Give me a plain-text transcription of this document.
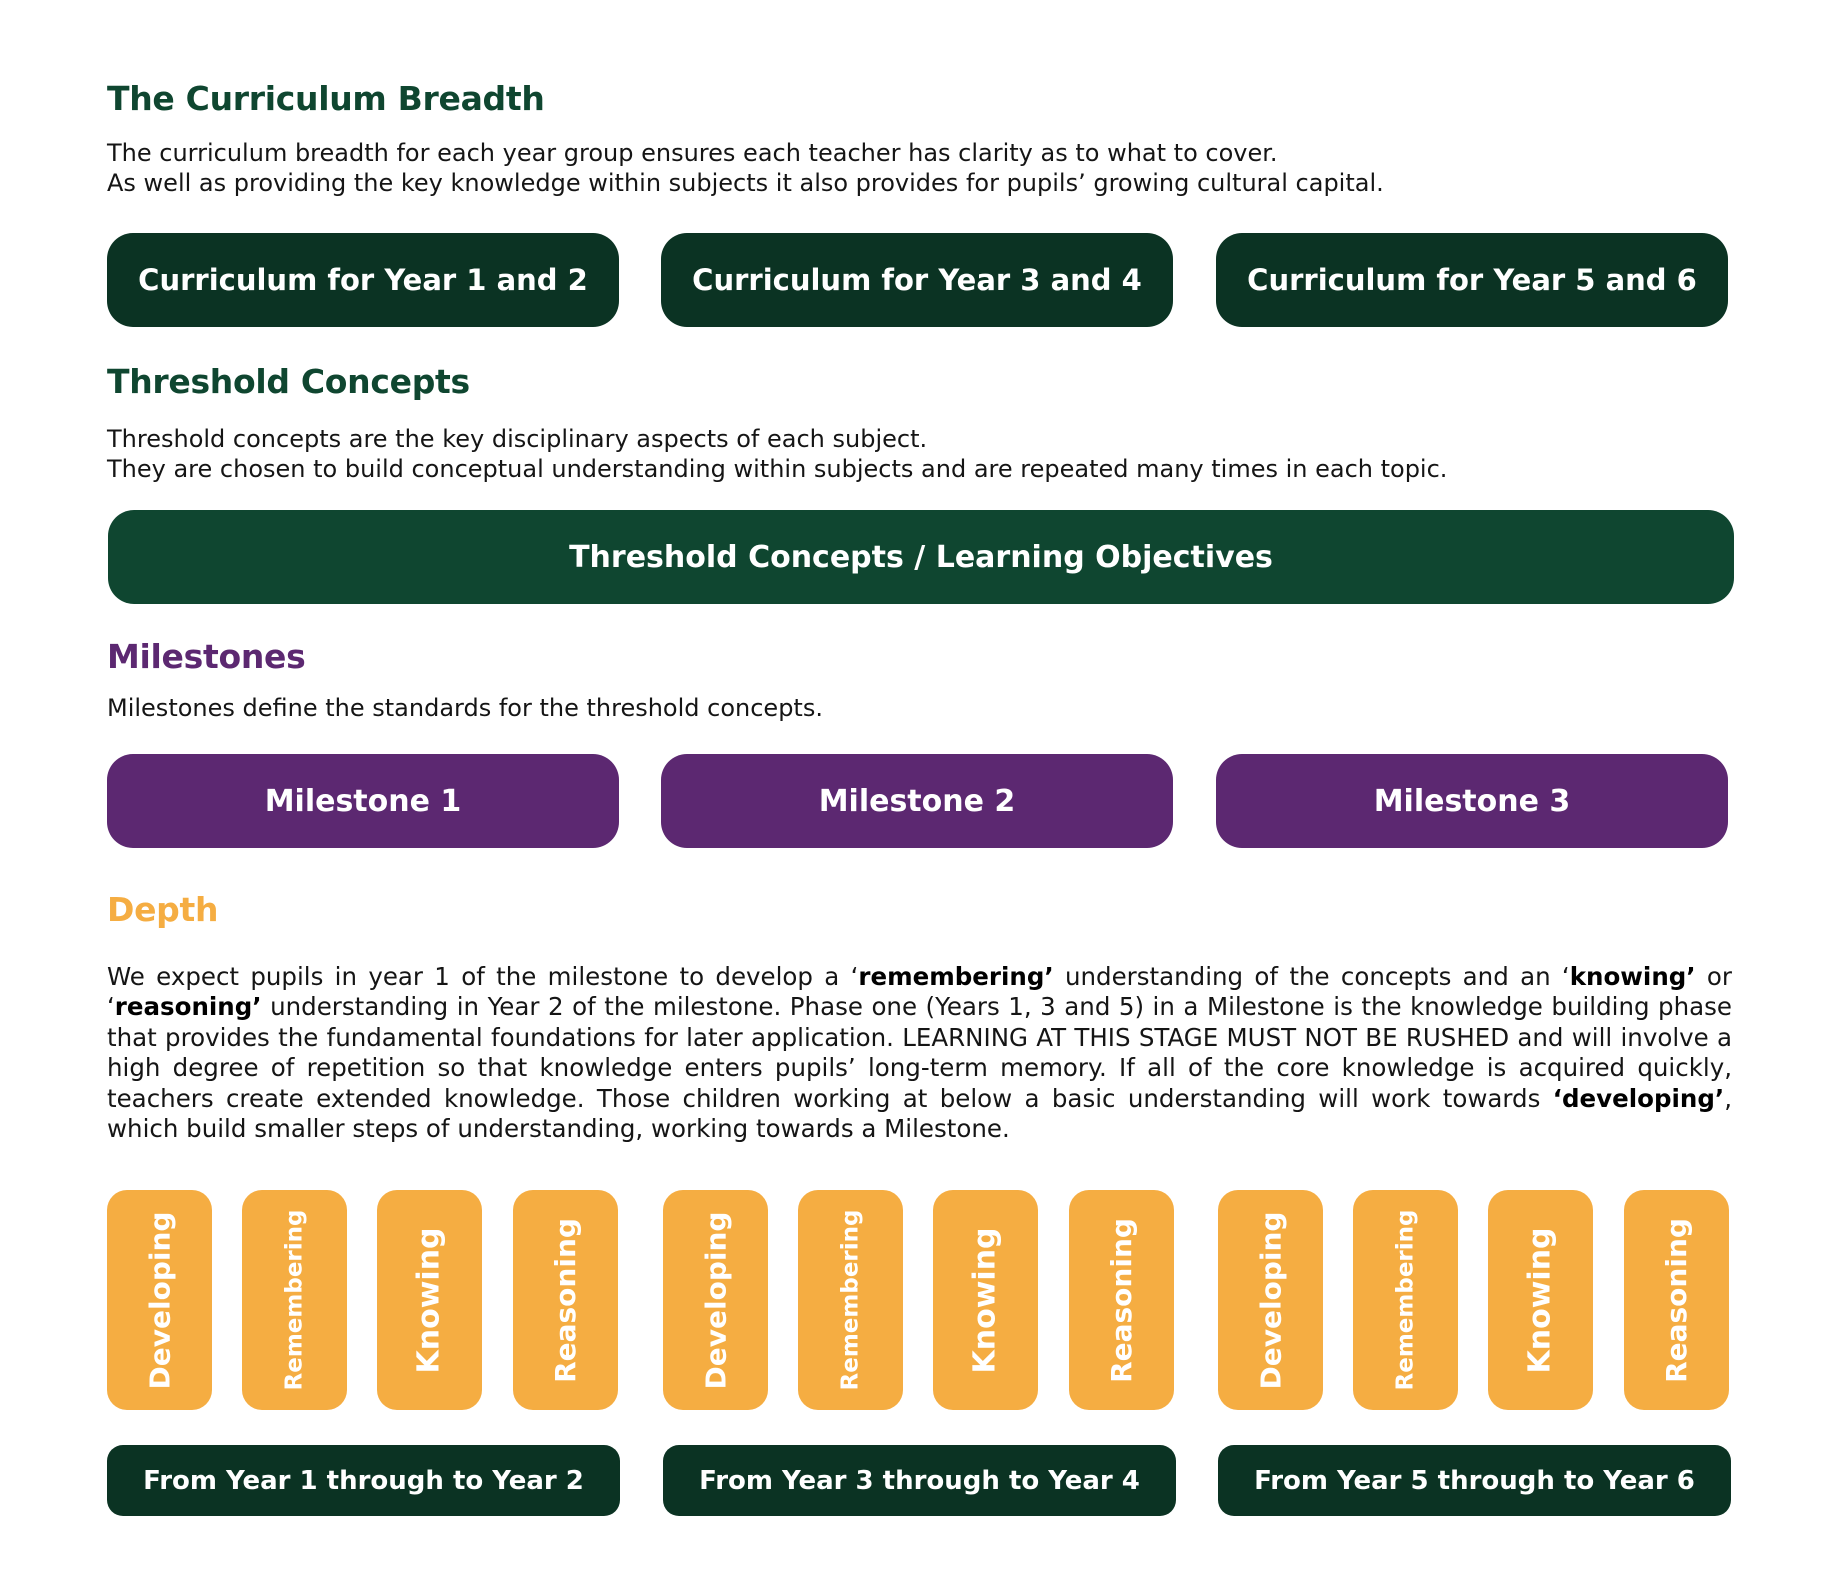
The Curriculum Breadth

The curriculum breadth for each year group ensures each teacher has clarity as to what to cover.
As well as providing the key knowledge within subjects it also provides for pupils’ growing cultural capital.

Curriculum for Year 1 and 2	Curriculum for Year 3 and 4	Curriculum for Year 5 and 6
Threshold Concepts

Threshold concepts are the key disciplinary aspects of each subject.
They are chosen to build conceptual understanding within subjects and are repeated many times in each topic.

Threshold Concepts / Learning Objectives
Milestones

Milestones define the standards for the threshold concepts.

Milestone 1	Milestone 2	Milestone 3
Depth

We expect pupils in year 1 of the milestone to develop a ‘remembering’ understanding of the concepts and an ‘knowing’ or ‘reasoning’ understanding in Year 2 of the milestone. Phase one (Years 1, 3 and 5) in a Milestone is the knowledge building phase that provides the fundamental foundations for later application. LEARNING AT THIS STAGE MUST NOT BE RUSHED and will involve a high degree of repetition so that knowledge enters pupils’ long-term memory. If all of the core knowledge is acquired quickly, teachers create extended knowledge. Those children working at below a basic understanding will work towards ‘developing’, which build smaller steps of understanding, working towards a Milestone.

Developing	Remembering	Knowing	Reasoning	Developing	Remembering	Knowing	Reasoning	Developing	Remembering	Knowing	Reasoning
From Year 1 through to Year 2	From Year 3 through to Year 4	From Year 5 through to Year 6
